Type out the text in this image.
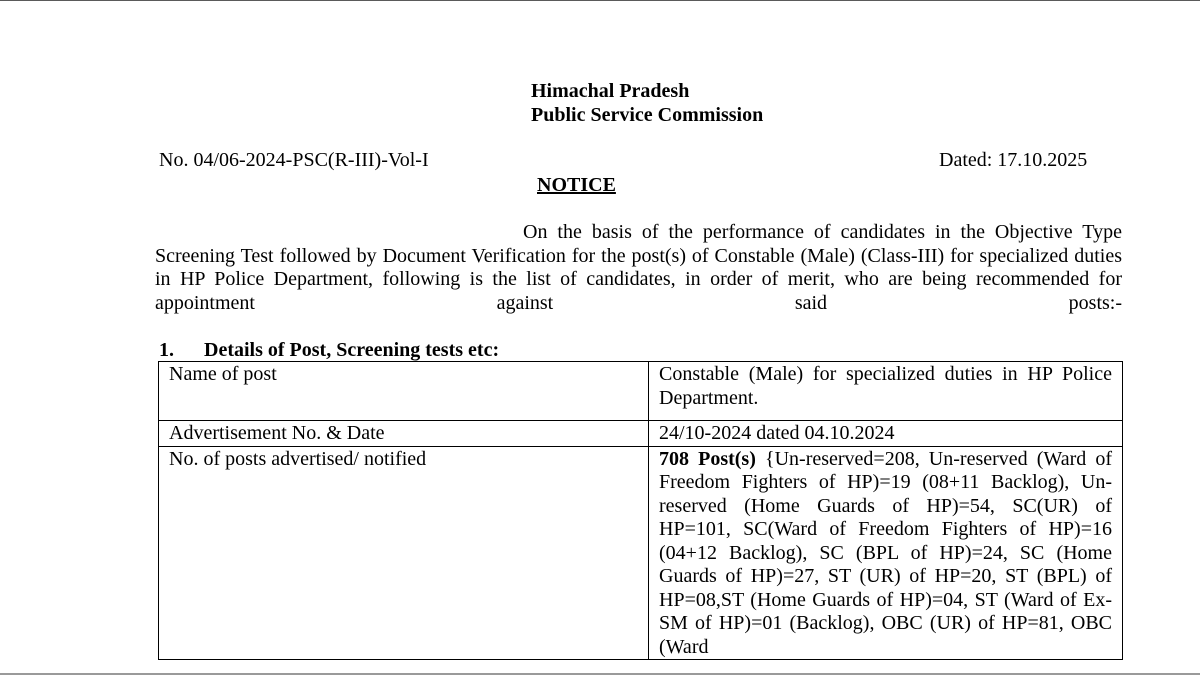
Himachal Pradesh
Public Service Commission
No. 04/06-2024-PSC(R-III)-Vol-I	Dated: 17.10.2025
NOTICE
On the basis of the performance of candidates in the Objective Type Screening Test followed by Document Verification for the post(s) of Constable (Male) (Class-III) for specialized duties in HP Police Department, following is the list of candidates, in order of merit, who are being recommended for appointment against said posts:-
1. Details of Post, Screening tests etc:
Name of post	Constable (Male) for specialized duties in HP Police Department.
Advertisement No. & Date	24/10-2024 dated 04.10.2024
No. of posts advertised/ notified	708 Post(s) {Un-reserved=208, Un-reserved (Ward of Freedom Fighters of HP)=19 (08+11 Backlog), Un-reserved (Home Guards of HP)=54, SC(UR) of HP=101, SC(Ward of Freedom Fighters of HP)=16 (04+12 Backlog), SC (BPL of HP)=24, SC (Home Guards of HP)=27, ST (UR) of HP=20, ST (BPL) of HP=08,ST (Home Guards of HP)=04, ST (Ward of Ex-SM of HP)=01 (Backlog), OBC (UR) of HP=81, OBC (Ward
